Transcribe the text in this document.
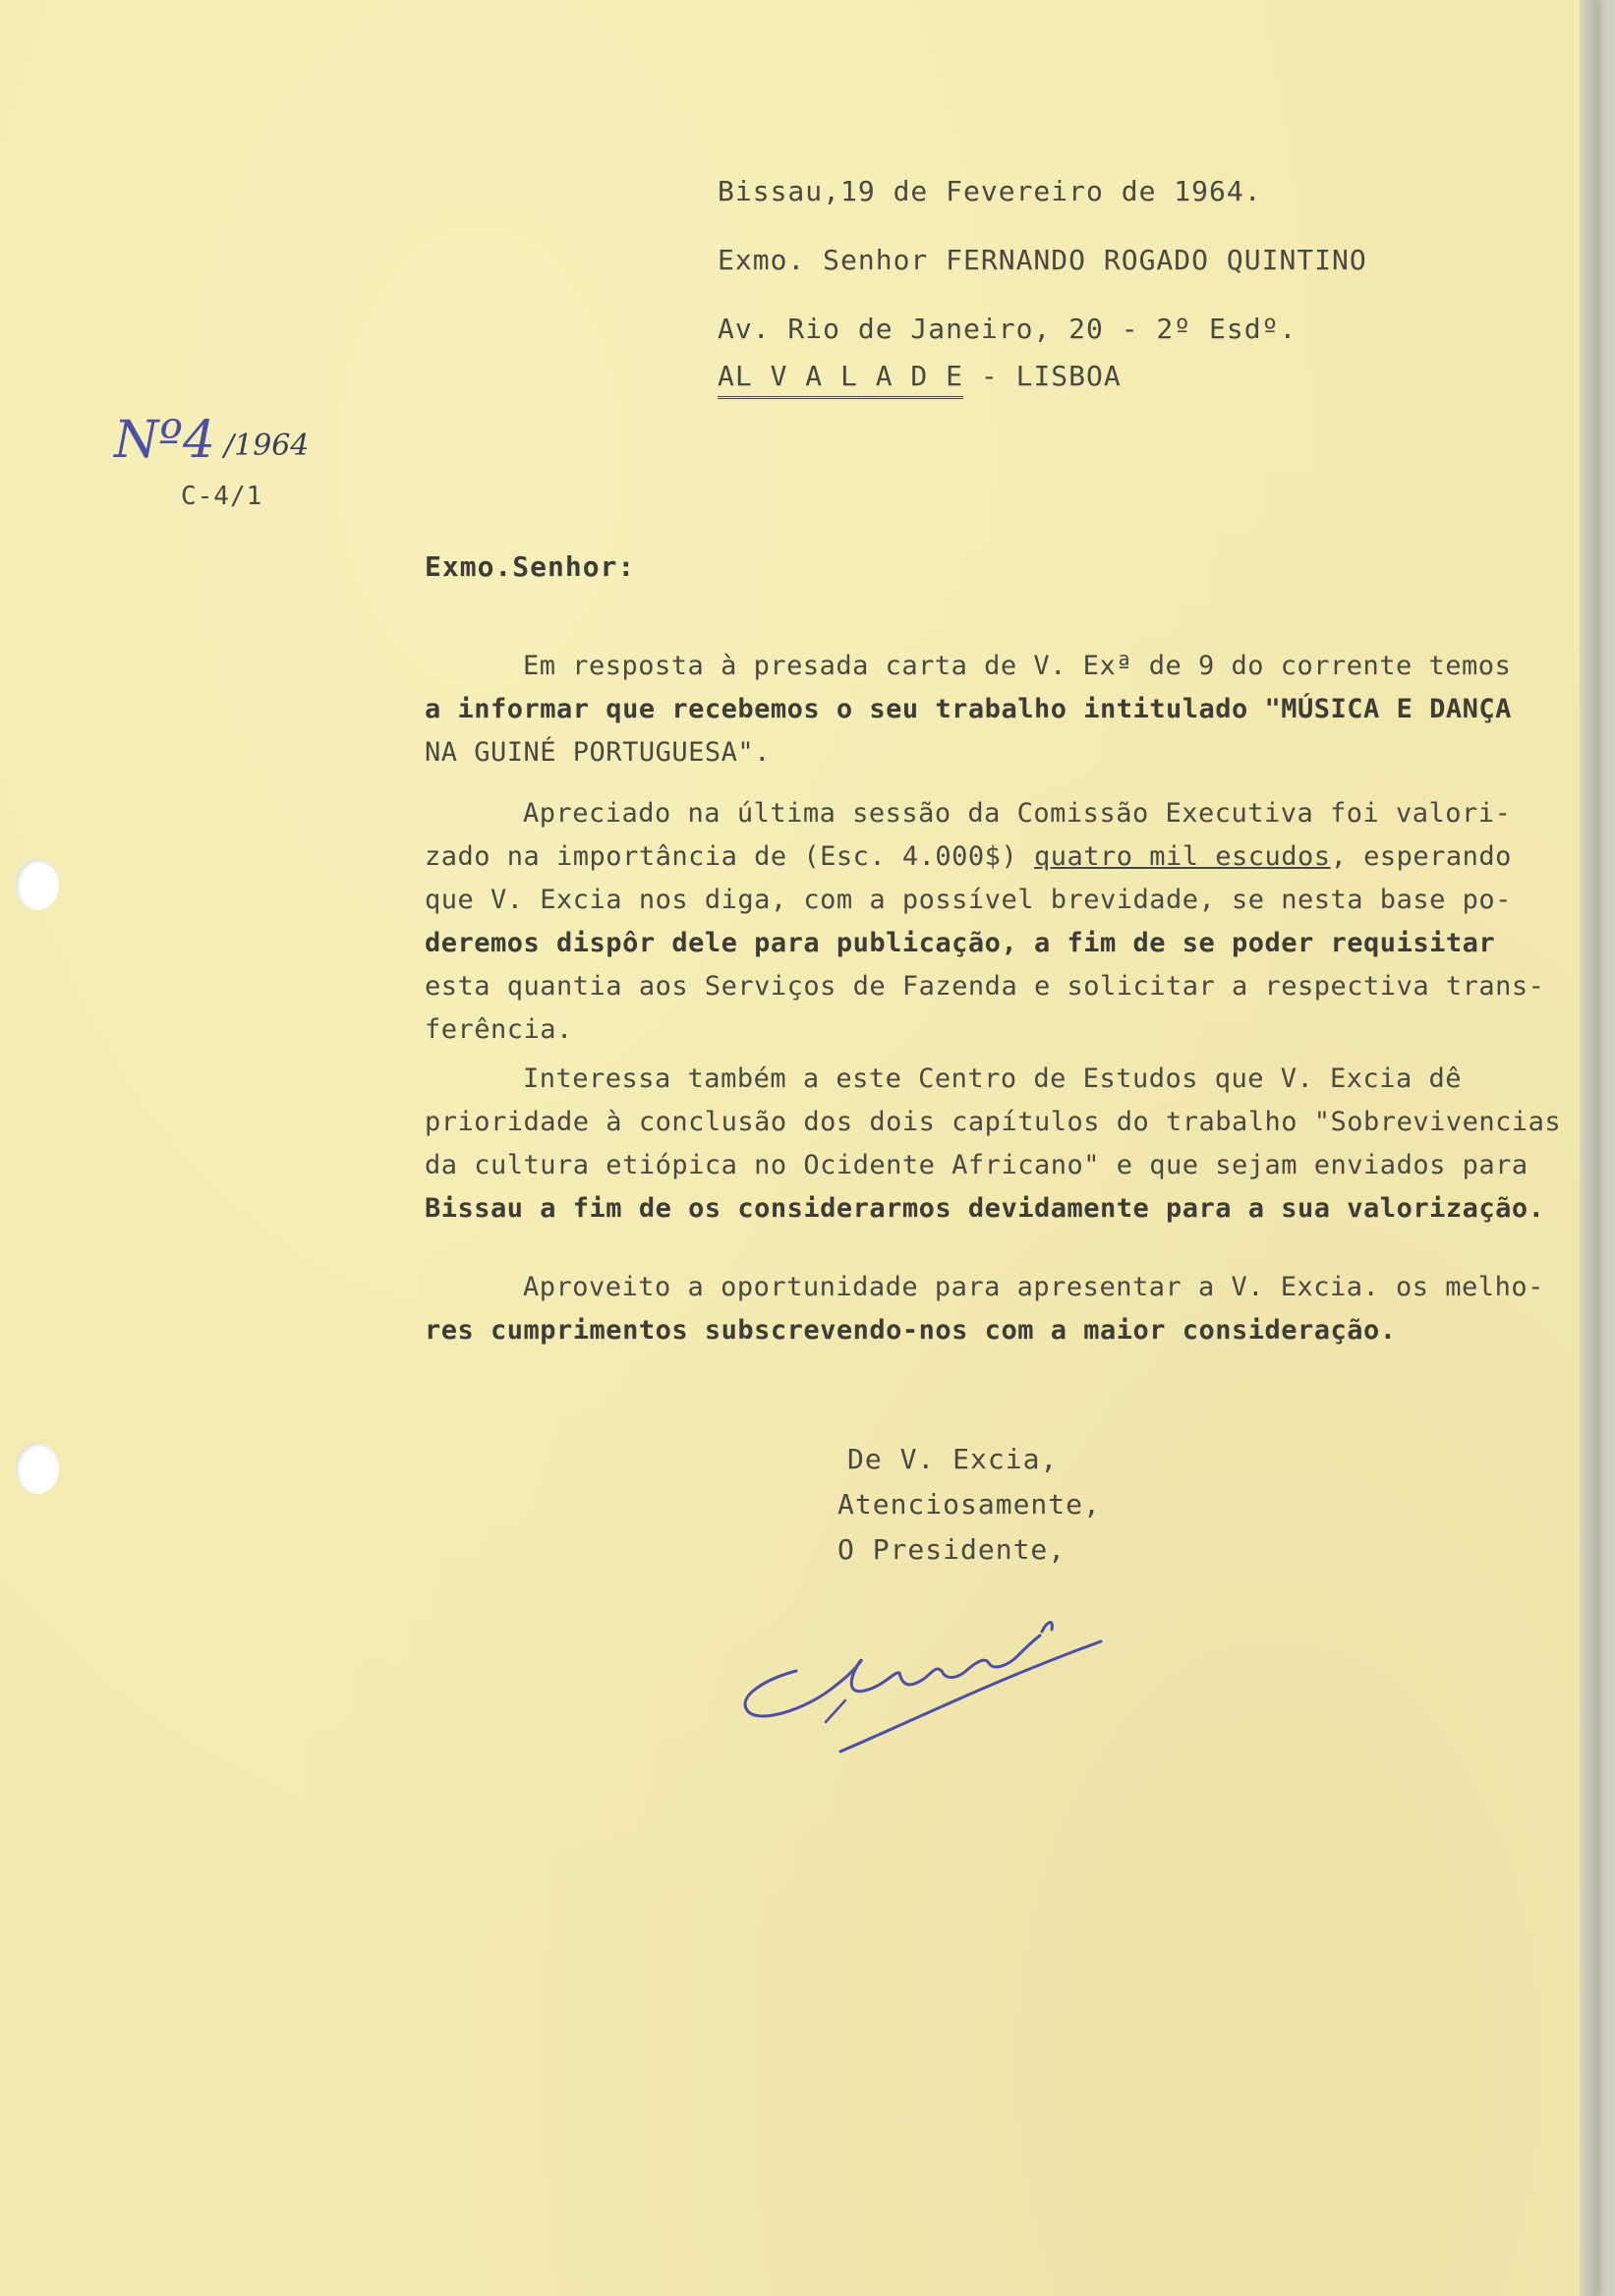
Bissau,19 de Fevereiro de 1964.
Exmo. Senhor FERNANDO ROGADO QUINTINO
Av. Rio de Janeiro, 20 - 2º Esdº.
AL V A L A D E - LISBOA
Nº4 /1964
C-4/1
Exmo.Senhor:
Em resposta à presada carta de V. Exª de 9 do corrente temos
a informar que recebemos o seu trabalho intitulado "MÚSICA E DANÇA
NA GUINÉ PORTUGUESA".
Apreciado na última sessão da Comissão Executiva foi valori-
zado na importância de (Esc. 4.000$) quatro mil escudos, esperando
que V. Excia nos diga, com a possível brevidade, se nesta base po-
deremos dispôr dele para publicação, a fim de se poder requisitar
esta quantia aos Serviços de Fazenda e solicitar a respectiva trans-
ferência.
Interessa também a este Centro de Estudos que V. Excia dê
prioridade à conclusão dos dois capítulos do trabalho "Sobrevivencias
da cultura etiópica no Ocidente Africano" e que sejam enviados para
Bissau a fim de os considerarmos devidamente para a sua valorização.
Aproveito a oportunidade para apresentar a V. Excia. os melho-
res cumprimentos subscrevendo-nos com a maior consideração.
De V. Excia,
Atenciosamente,
O Presidente,
